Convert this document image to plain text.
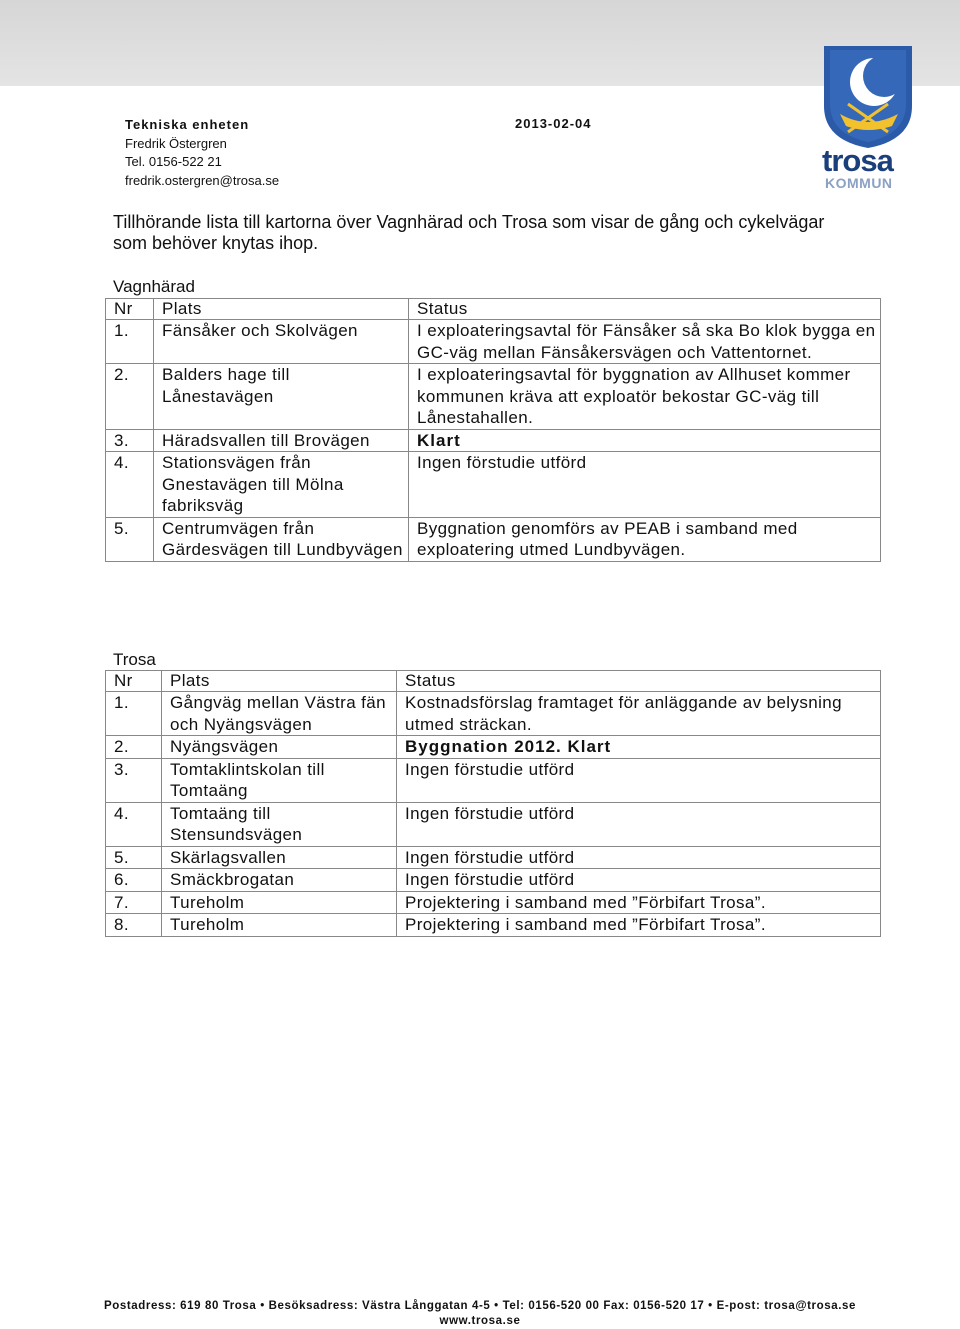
Tekniska enheten
Fredrik Östergren
Tel. 0156-522 21
fredrik.ostergren@trosa.se
2013-02-04
trosa
KOMMUN
Tillhörande lista till kartorna över Vagnhärad och Trosa som visar de gång och cykelvägar som behöver knytas ihop.
Vagnhärad
Nr	Plats	Status
1.	Fänsåker och Skolvägen	I exploateringsavtal för Fänsåker så ska Bo klok bygga en GC-väg mellan Fänsåkersvägen och Vattentornet.
2.	Balders hage till Lånestavägen	I exploateringsavtal för byggnation av Allhuset kommer kommunen kräva att exploatör bekostar GC-väg till Lånestahallen.
3.	Häradsvallen till Brovägen	Klart
4.	Stationsvägen från Gnestavägen till Mölna fabriksväg	Ingen förstudie utförd
5.	Centrumvägen från Gärdesvägen till Lundbyvägen	Byggnation genomförs av PEAB i samband med exploatering utmed Lundbyvägen.
Trosa
Nr	Plats	Status
1.	Gångväg mellan Västra fän och Nyängsvägen	Kostnadsförslag framtaget för anläggande av belysning utmed sträckan.
2.	Nyängsvägen	Byggnation 2012. Klart
3.	Tomtaklintskolan till Tomtaäng	Ingen förstudie utförd
4.	Tomtaäng till Stensundsvägen	Ingen förstudie utförd
5.	Skärlagsvallen	Ingen förstudie utförd
6.	Smäckbrogatan	Ingen förstudie utförd
7.	Tureholm	Projektering i samband med ”Förbifart Trosa”.
8.	Tureholm	Projektering i samband med ”Förbifart Trosa”.
Postadress: 619 80 Trosa • Besöksadress: Västra Långgatan 4-5 • Tel: 0156-520 00 Fax: 0156-520 17 • E-post: trosa@trosa.se
www.trosa.se
